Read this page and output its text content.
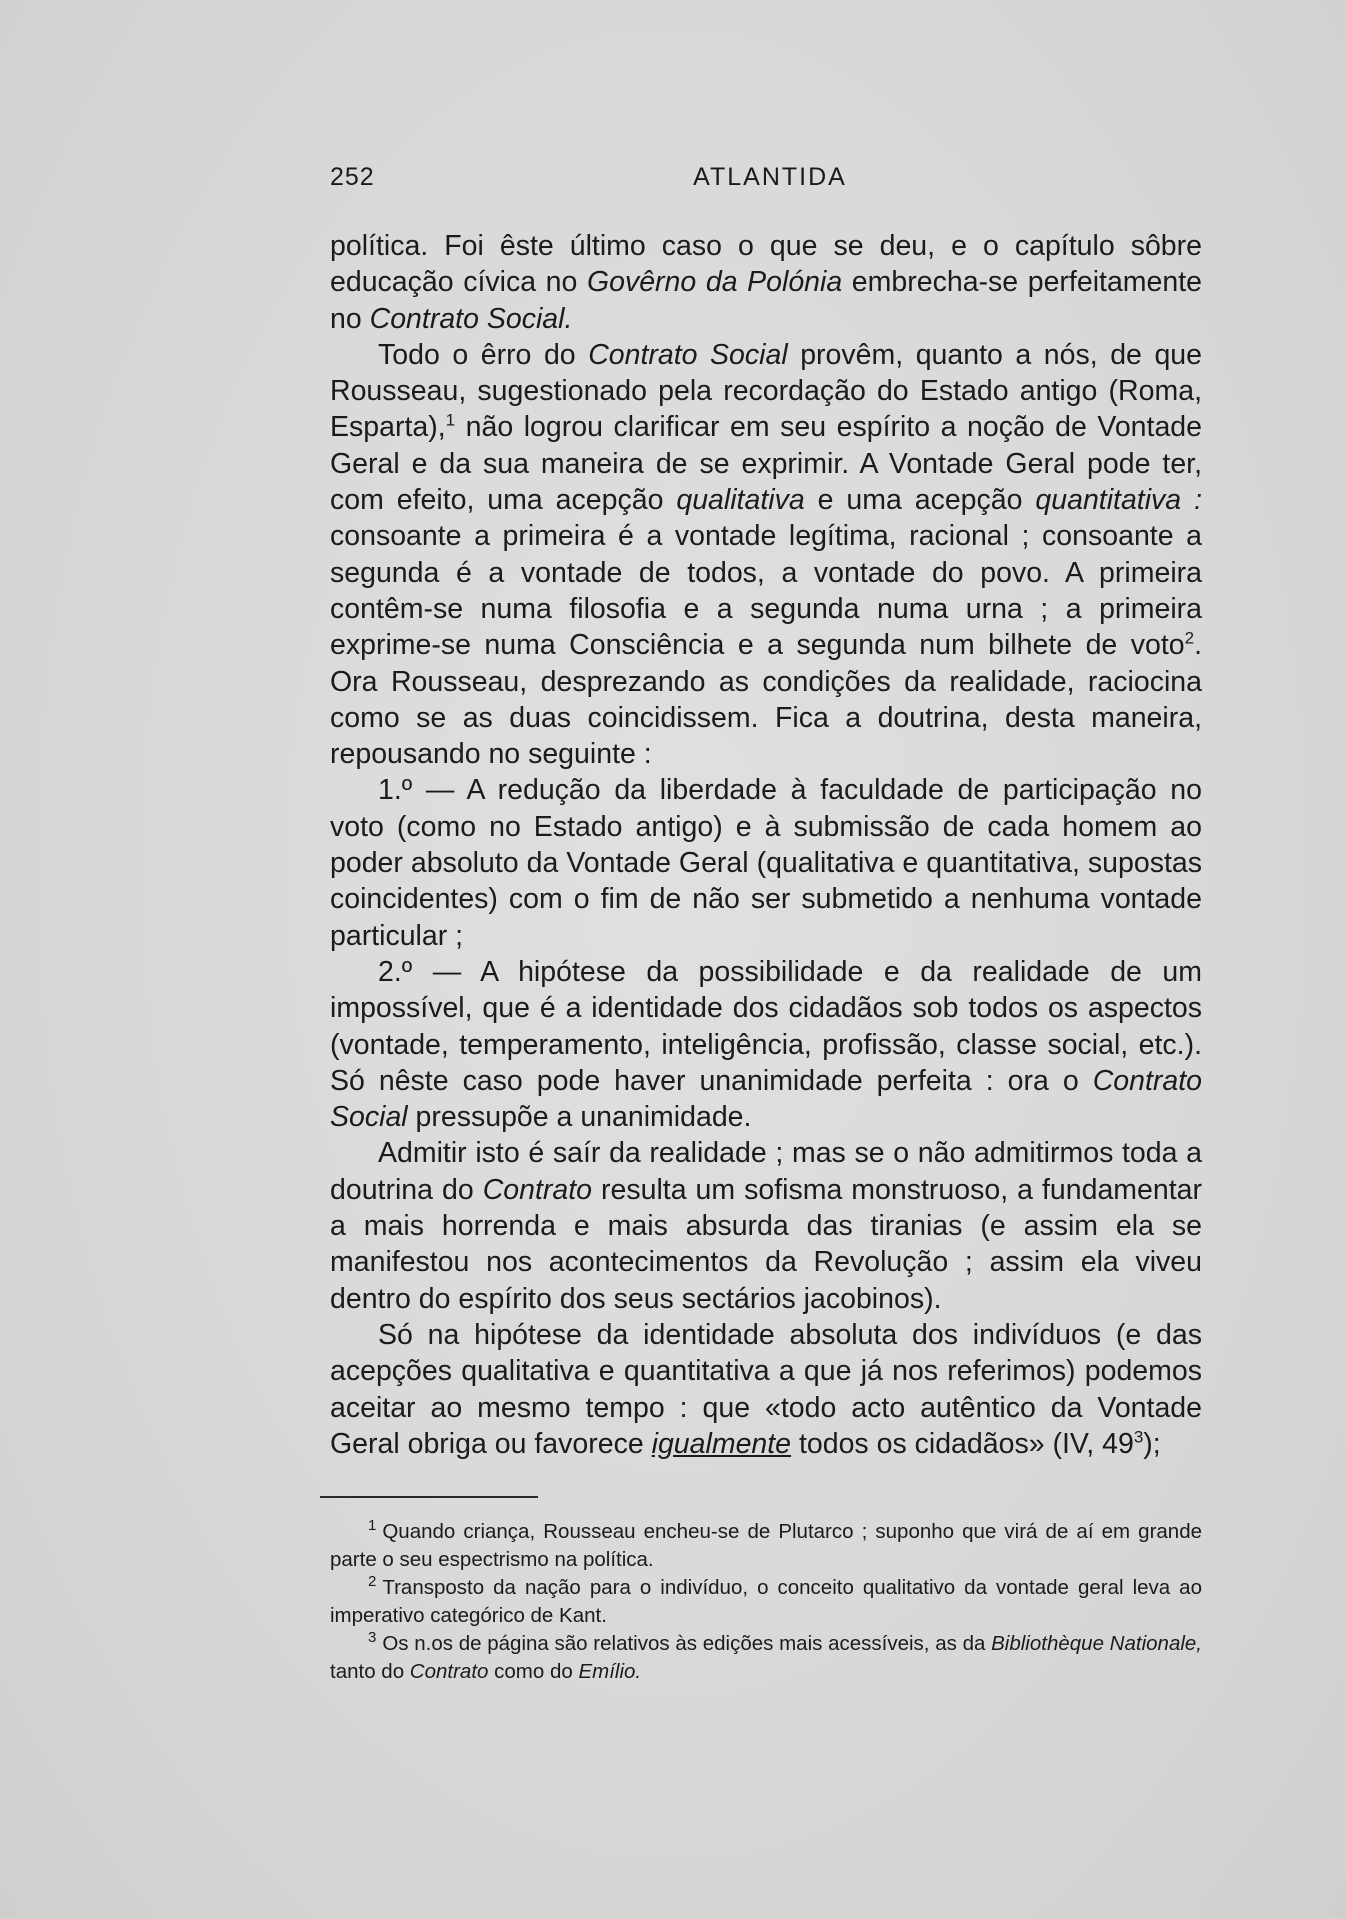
252	ATLANTIDA

política. Foi êste último caso o que se deu, e o capítulo sôbre educação cívica no Govêrno da Polónia embrecha-se perfeitamente no Contrato Social.

Todo o êrro do Contrato Social provêm, quanto a nós, de que Rousseau, sugestionado pela recordação do Estado antigo (Roma, Esparta),$^1$ não logrou clarificar em seu espírito a noção de Vontade Geral e da sua maneira de se exprimir. A Vontade Geral pode ter, com efeito, uma acepção qualitativa e uma acepção quantitativa : consoante a primeira é a vontade legítima, racional ; consoante a segunda é a vontade de todos, a vontade do povo. A primeira contêm-se numa filosofia e a segunda numa urna ; a primeira exprime-se numa Consciência e a segunda num bilhete de voto$^2$. Ora Rousseau, desprezando as condições da realidade, raciocina como se as duas coincidissem. Fica a doutrina, desta maneira, repousando no seguinte :

1.º — A redução da liberdade à faculdade de participação no voto (como no Estado antigo) e à submissão de cada homem ao poder absoluto da Vontade Geral (qualitativa e quantitativa, supostas coincidentes) com o fim de não ser submetido a nenhuma vontade particular ;

2.º — A hipótese da possibilidade e da realidade de um impossível, que é a identidade dos cidadãos sob todos os aspectos (vontade, temperamento, inteligência, profissão, classe social, etc.). Só nêste caso pode haver unanimidade perfeita : ora o Contrato Social pressupõe a unanimidade.

Admitir isto é saír da realidade ; mas se o não admitirmos toda a doutrina do Contrato resulta um sofisma monstruoso, a fundamentar a mais horrenda e mais absurda das tiranias (e assim ela se manifestou nos acontecimentos da Revolução ; assim ela viveu dentro do espírito dos seus sectários jacobinos).

Só na hipótese da identidade absoluta dos indivíduos (e das acepções qualitativa e quantitativa a que já nos referimos) podemos aceitar ao mesmo tempo : que «todo acto autêntico da Vontade Geral obriga ou favorece igualmente todos os cidadãos» (IV, 49$^3$);

$^1$ Quando criança, Rousseau encheu-se de Plutarco ; suponho que virá de aí em grande parte o seu espectrismo na política.

$^2$ Transposto da nação para o indivíduo, o conceito qualitativo da vontade geral leva ao imperativo categórico de Kant.

$^3$ Os n.os de página são relativos às edições mais acessíveis, as da Bibliothèque Nationale, tanto do Contrato como do Emílio.
